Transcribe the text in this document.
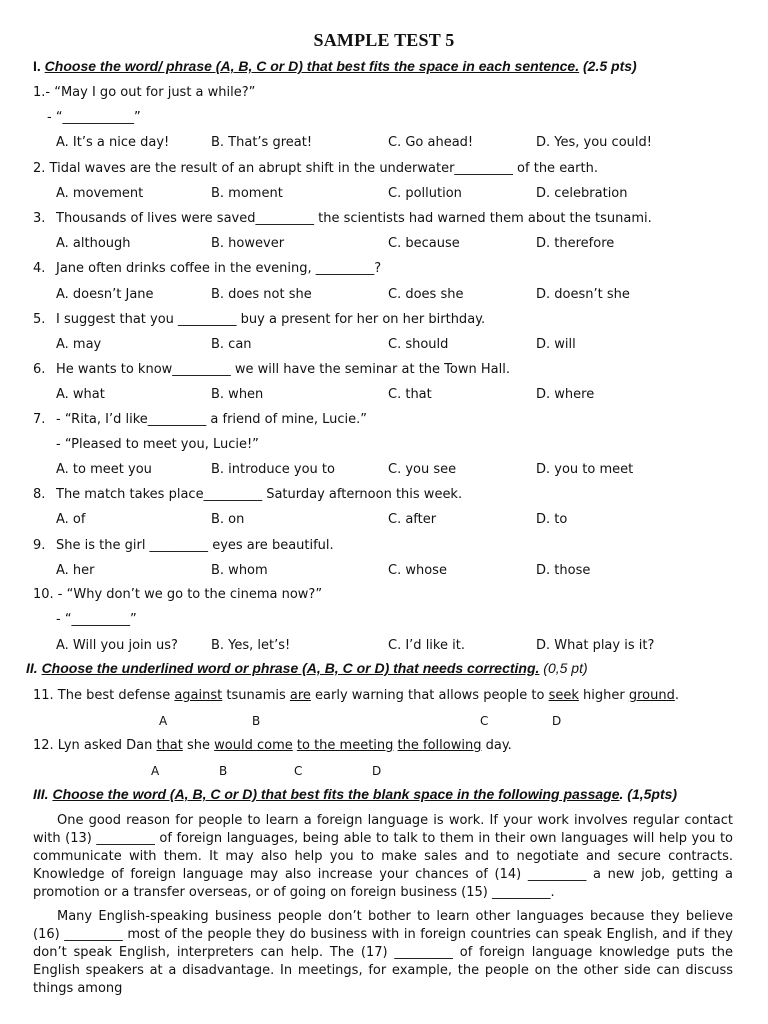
SAMPLE TEST 5
I. Choose the word/ phrase (A, B, C or D) that best fits the space in each sentence. (2.5 pts)
1.- “May I go out for just a while?”
- “___________”
A. It’s a nice day!	B. That’s great!	C. Go ahead!	D. Yes, you could!
2. Tidal waves are the result of an abrupt shift in the underwater_________ of the earth.
A. movement	B. moment	C. pollution	D. celebration
3. Thousands of lives were saved_________ the scientists had warned them about the tsunami.
A. although	B. however	C. because	D. therefore
4. Jane often drinks coffee in the evening, _________?
A. doesn’t Jane	B. does not she	C. does she	D. doesn’t she
5. I suggest that you _________ buy a present for her on her birthday.
A. may	B. can	C. should	D. will
6. He wants to know_________ we will have the seminar at the Town Hall.
A. what	B. when	C. that	D. where
7. - “Rita, I’d like_________ a friend of mine, Lucie.”
- “Pleased to meet you, Lucie!”
A. to meet you	B. introduce you to	C. you see	D. you to meet
8. The match takes place_________ Saturday afternoon this week.
A. of	B. on	C. after	D. to
9. She is the girl _________ eyes are beautiful.
A. her	B. whom	C. whose	D. those
10. - “Why don’t we go to the cinema now?”
- “_________”
A. Will you join us?	B. Yes, let’s!	C. I’d like it.	D. What play is it?
II. Choose the underlined word or phrase (A, B, C or D) that needs correcting. (0,5 pt)
11. The best defense against tsunamis are early warning that allows people to seek higher ground.
A	B	C	D
12. Lyn asked Dan that she would come to the meeting the following day.
A	B	C	D
III. Choose the word (A, B, C or D) that best fits the blank space in the following passage. (1,5pts)

One good reason for people to learn a foreign language is work. If your work involves regular contact with (13) _________ of foreign languages, being able to talk to them in their own languages will help you to communicate with them. It may also help you to make sales and to negotiate and secure contracts. Knowledge of foreign language may also increase your chances of (14) _________ a new job, getting a promotion or a transfer overseas, or of going on foreign business (15) _________.

Many English-speaking business people don’t bother to learn other languages because they believe (16) _________ most of the people they do business with in foreign countries can speak English, and if they don’t speak English, interpreters can help. The (17) _________ of foreign language knowledge puts the English speakers at a disadvantage. In meetings, for example, the people on the other side can discuss things among
